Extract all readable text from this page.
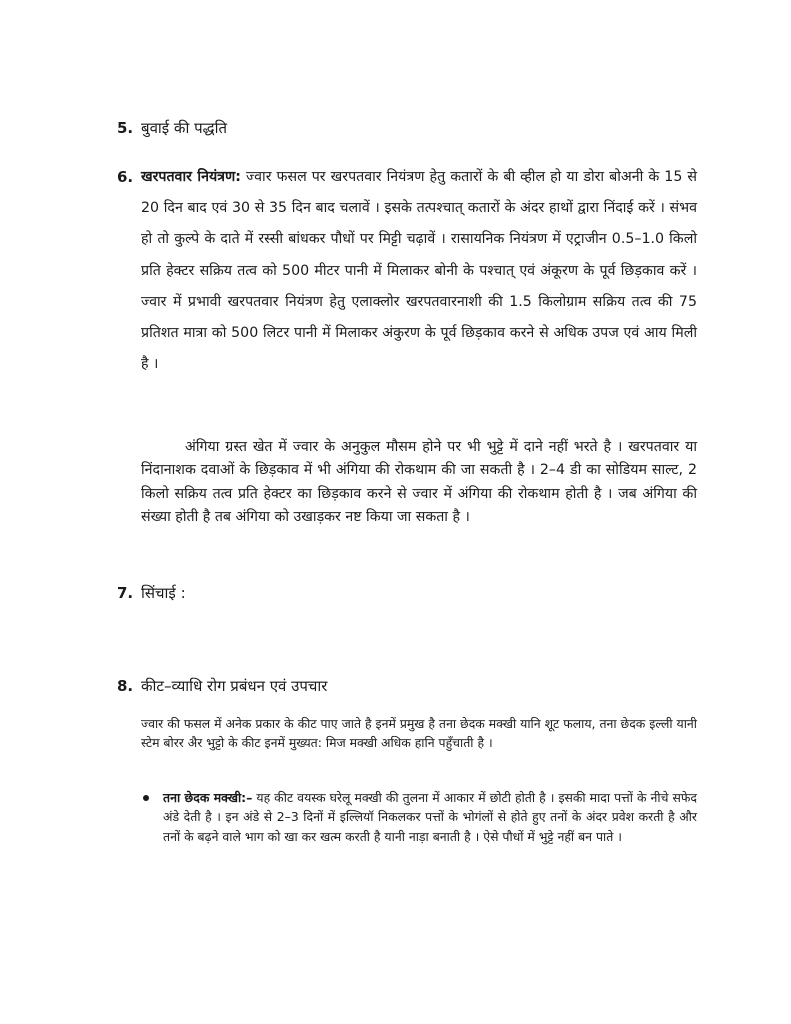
5. बुवाई की पद्धति
6. खरपतवार नियंत्रण: ज्वार फसल पर खरपतवार नियंत्रण हेतु कतारों के बी व्हील हो या डोरा बोअनी के 15 से 20 दिन बाद एवं 30 से 35 दिन बाद चलावें । इसके तत्पश्चात् कतारों के अंदर हाथों द्वारा निंदाई करें । संभव हो तो कुल्पे के दाते में रस्सी बांधकर पौधों पर मिट्टी चढ़ावें । रासायनिक नियंत्रण में एट्राजीन 0.5–1.0 किलो प्रति हेक्टर सक्रिय तत्व को 500 मीटर पानी में मिलाकर बोनी के पश्चात् एवं अंकूरण के पूर्व छिड़काव करें । ज्वार में प्रभावी खरपतवार नियंत्रण हेतु एलाक्लोर खरपतवारनाशी की 1.5 किलोग्राम सक्रिय तत्व की 75 प्रतिशत मात्रा को 500 लिटर पानी में मिलाकर अंकुरण के पूर्व छिड़काव करने से अधिक उपज एवं आय मिली है ।
अंगिया ग्रस्त खेत में ज्वार के अनुकुल मौसम होने पर भी भुट्टे में दाने नहीं भरते है । खरपतवार या निंदानाशक दवाओं के छिड़काव में भी अंगिया की रोकथाम की जा सकती है । 2–4 डी का सोडियम साल्ट, 2 किलो सक्रिय तत्व प्रति हेक्टर का छिड़काव करने से ज्वार में अंगिया की रोकथाम होती है । जब अंगिया की संख्या होती है तब अंगिया को उखाड़कर नष्ट किया जा सकता है ।
7. सिंचाई :
8. कीट–व्याधि रोग प्रबंधन एवं उपचार
ज्वार की फसल में अनेक प्रकार के कीट पाए जाते है इनमें प्रमुख है तना छेदक मक्खी यानि शूट फलाय, तना छेदक इल्ली यानी स्टेम बोरर अैर भुट्टो के कीट इनमें मुख्यत: मिज मक्खी अधिक हानि पहुँचाती है ।
तना छेदक मक्खी:– यह कीट वयस्क घरेलू मक्खी की तुलना में आकार में छोटी होती है । इसकी मादा पत्तों के नीचे सफेद अंडे देती है । इन अंडे से 2–3 दिनों में इल्लियॉ निकलकर पत्तों के भोगंलों से होते हुए तनों के अंदर प्रवेश करती है और तनों के बढ़ने वाले भाग को खा कर खत्म करती है यानी नाड़ा बनाती है । ऐसे पौधों में भुट्टे नहीं बन पाते ।
